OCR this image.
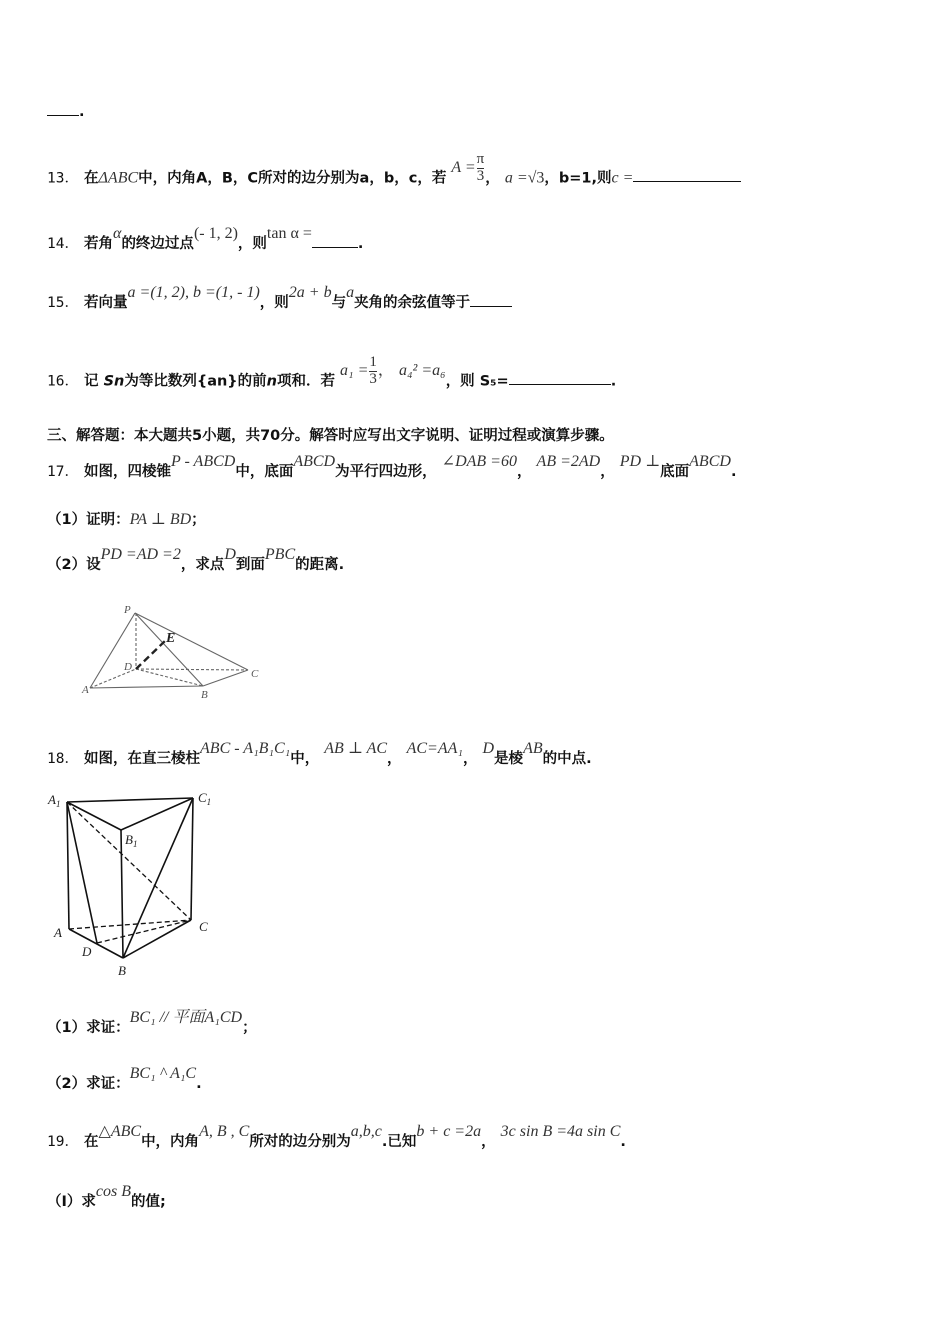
.
13． 在ΔABC中，内角A，B，C所对的边分别为a，b，c，若 $A = \frac{\pi}{3}$ ， a =√3，b=1,则c =
14． 若角α的终边过点(- 1, 2)，则tan α =.
15． 若向量a =(1, 2), b =(1, - 1)，则2a + b与a夹角的余弦值等于
16． 记 Sn为等比数列{an}的前n项和．若 $a_1 = \frac{1}{3}$ ， a₄² =a₆，则 S₅=	.
三、解答题：本大题共5小题，共70分。解答时应写出文字说明、证明过程或演算步骤。
17． 如图，四棱锥P - ABCD中，底面ABCD为平行四边形， ∠DAB =60， AB =2AD， PD ⊥底面ABCD.
（1）证明：PA ⊥ BD；
（2）设PD =AD =2，求点D到面PBC的距离.
P
E
D
A	B
C
18． 如图，在直三棱柱ABC - A₁B₁C₁中， AB ⊥ AC， AC=AA₁， D是棱AB的中点.
$A_1$	$C_1$
$B_1$
A	C
D
B
（1）求证：BC₁ // 平面A₁CD；
（2）求证：BC₁ ^ A₁C.
19． 在△ABC中，内角A, B , C所对的边分别为a,b,c.已知b + c =2a， 3c sin B =4a sin C.
（Ⅰ）求cos B的值;
